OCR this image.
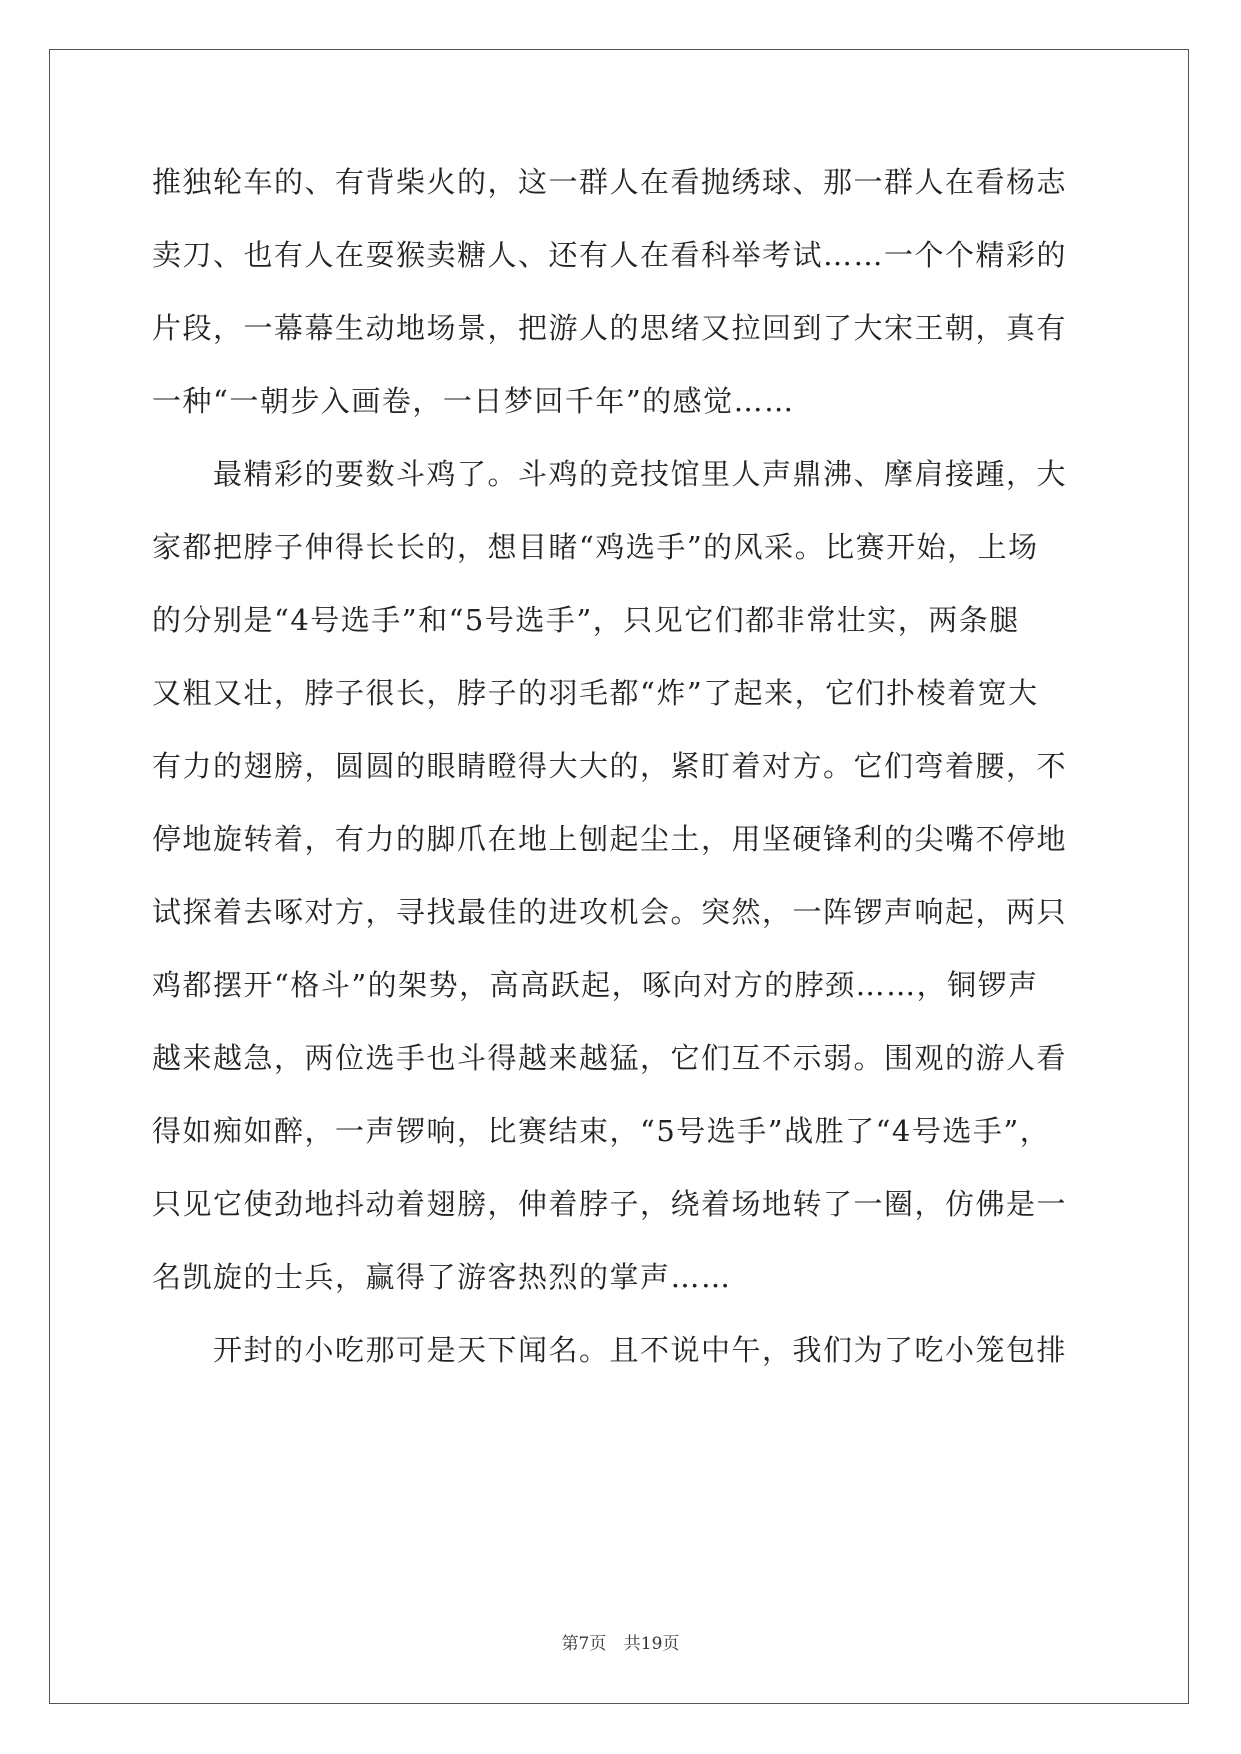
推独轮车的、有背柴火的，这一群人在看抛绣球、那一群人在看杨志
卖刀、也有人在耍猴卖糖人、还有人在看科举考试……一个个精彩的
片段，一幕幕生动地场景，把游人的思绪又拉回到了大宋王朝，真有
一种“一朝步入画卷，一日梦回千年”的感觉……
　　最精彩的要数斗鸡了。斗鸡的竞技馆里人声鼎沸、摩肩接踵，大
家都把脖子伸得长长的，想目睹“鸡选手”的风采。比赛开始，上场
的分别是“4号选手”和“5号选手”，只见它们都非常壮实，两条腿
又粗又壮，脖子很长，脖子的羽毛都“炸”了起来，它们扑棱着宽大
有力的翅膀，圆圆的眼睛瞪得大大的，紧盯着对方。它们弯着腰，不
停地旋转着，有力的脚爪在地上刨起尘土，用坚硬锋利的尖嘴不停地
试探着去啄对方，寻找最佳的进攻机会。突然，一阵锣声响起，两只
鸡都摆开“格斗”的架势，高高跃起，啄向对方的脖颈……，铜锣声
越来越急，两位选手也斗得越来越猛，它们互不示弱。围观的游人看
得如痴如醉，一声锣响，比赛结束，“5号选手”战胜了“4号选手”，
只见它使劲地抖动着翅膀，伸着脖子，绕着场地转了一圈，仿佛是一
名凯旋的士兵，赢得了游客热烈的掌声……
　　开封的小吃那可是天下闻名。且不说中午，我们为了吃小笼包排
第7页 共19页
